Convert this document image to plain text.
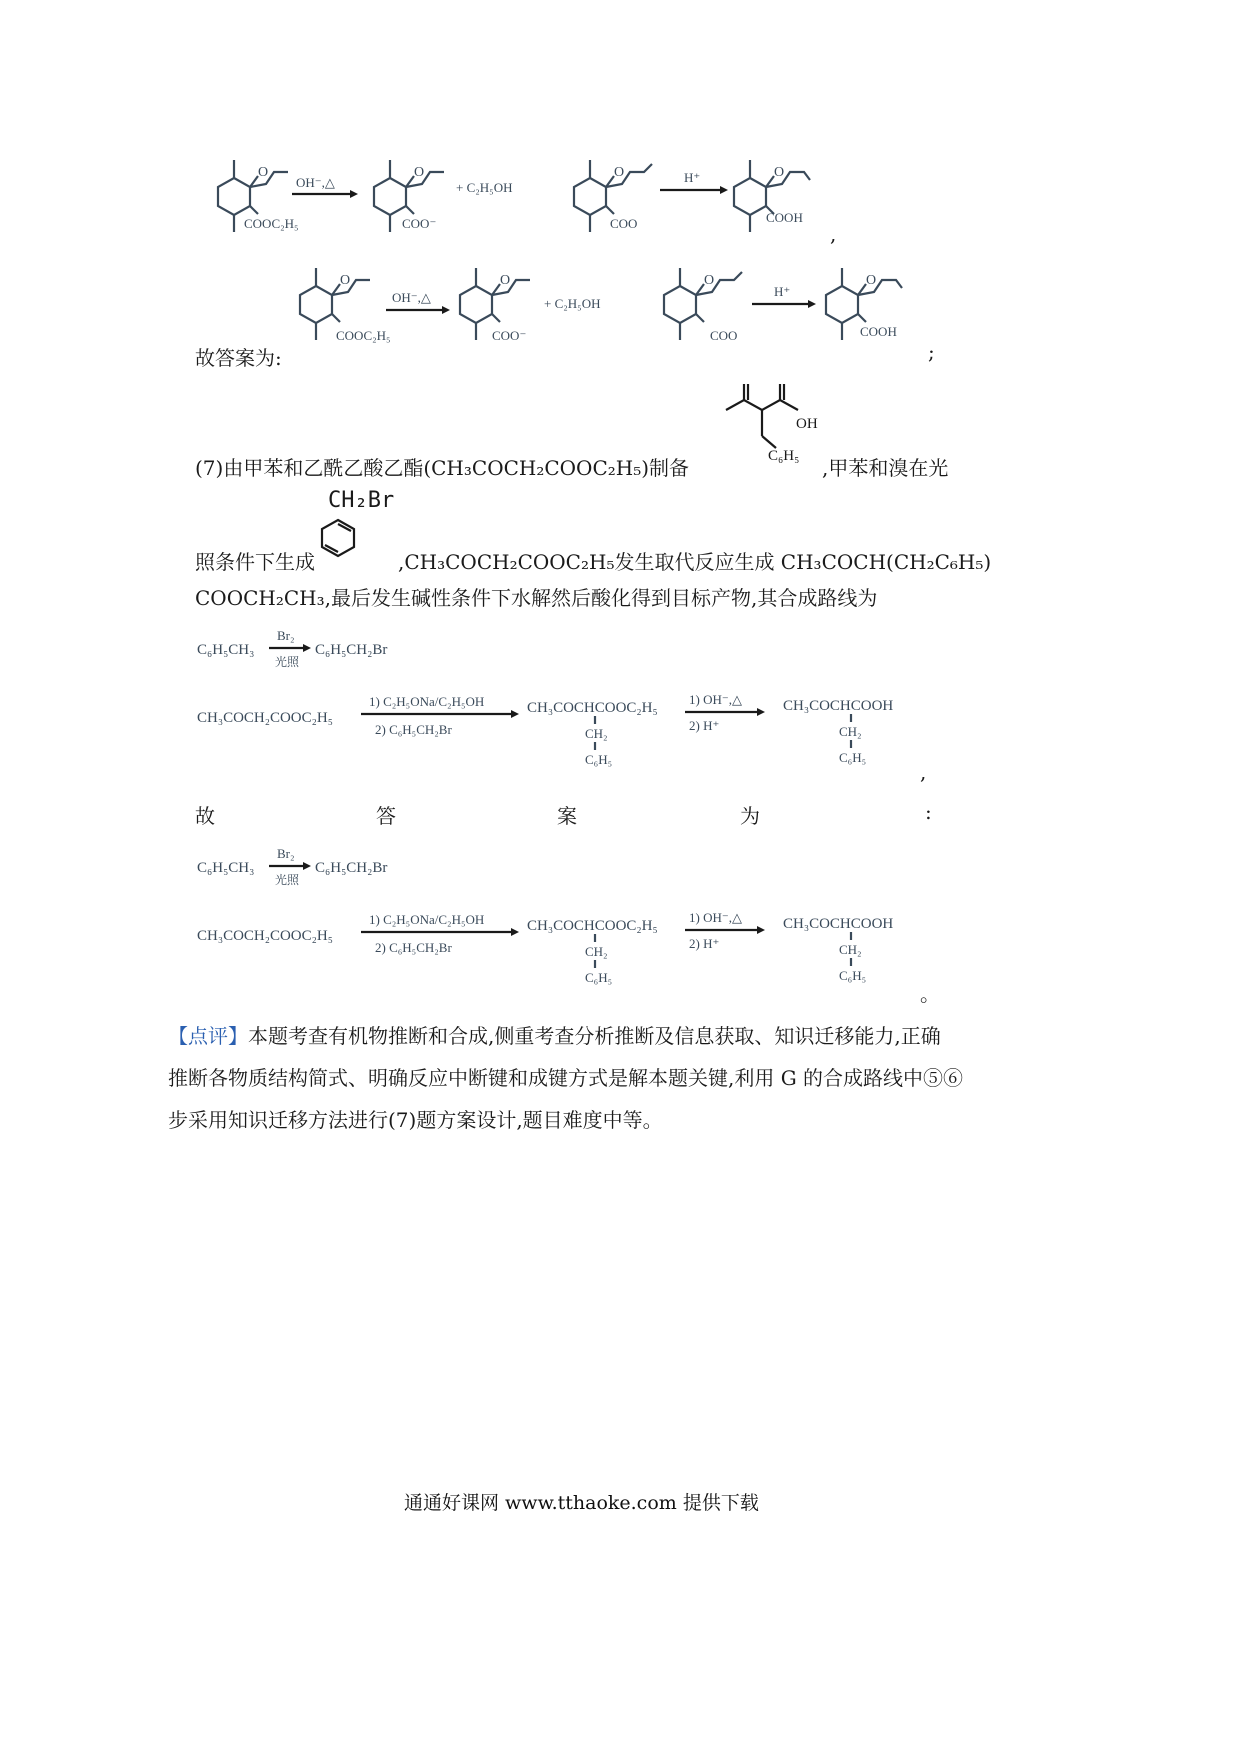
O
COOC₂H₅
OH⁻,△
O
COO⁻
+ C₂H₅OH
O
COO
H⁺	O
COOH
,
故答案为:
O
COOC₂H₅
OH⁻,△
O
COO⁻
+ C₂H₅OH
O
COO
H⁺
O
COOH
;
(7)由甲苯和乙酰乙酸乙酯(CH₃COCH₂COOC₂H₅)制备
OH
C₆H₅ ,甲苯和溴在光
CH₂Br
照条件下生成	,CH₃COCH₂COOC₂H₅发生取代反应生成 CH₃COCH(CH₂C₆H₅)
COOCH₂CH₃,最后发生碱性条件下水解然后酸化得到目标产物,其合成路线为
C₆H₅CH₃
Br₂
光照
C₆H₅CH₂Br
CH₃COCH₂COOC₂H₅
1) C₂H₅ONa/C₂H₅OH
2) C₆H₅CH₂Br
CH₃COCHCOOC₂H₅
CH₂
C₆H₅
1) OH⁻,△
2) H⁺
CH₃COCHCOOH
CH₂
C₆H₅
,
故	答	案	为	:
C₆H₅CH₃
Br₂
光照
C₆H₅CH₂Br
CH₃COCH₂COOC₂H₅
1) C₂H₅ONa/C₂H₅OH
2) C₆H₅CH₂Br
CH₃COCHCOOC₂H₅
CH₂
C₆H₅
1) OH⁻,△
2) H⁺
CH₃COCHCOOH
CH₂
C₆H₅
。
【点评】本题考查有机物推断和合成,侧重考查分析推断及信息获取、知识迁移能力,正确
推断各物质结构简式、明确反应中断键和成键方式是解本题关键,利用 G 的合成路线中⑤⑥
步采用知识迁移方法进行(7)题方案设计,题目难度中等。
通通好课网 www.tthaoke.com 提供下载
